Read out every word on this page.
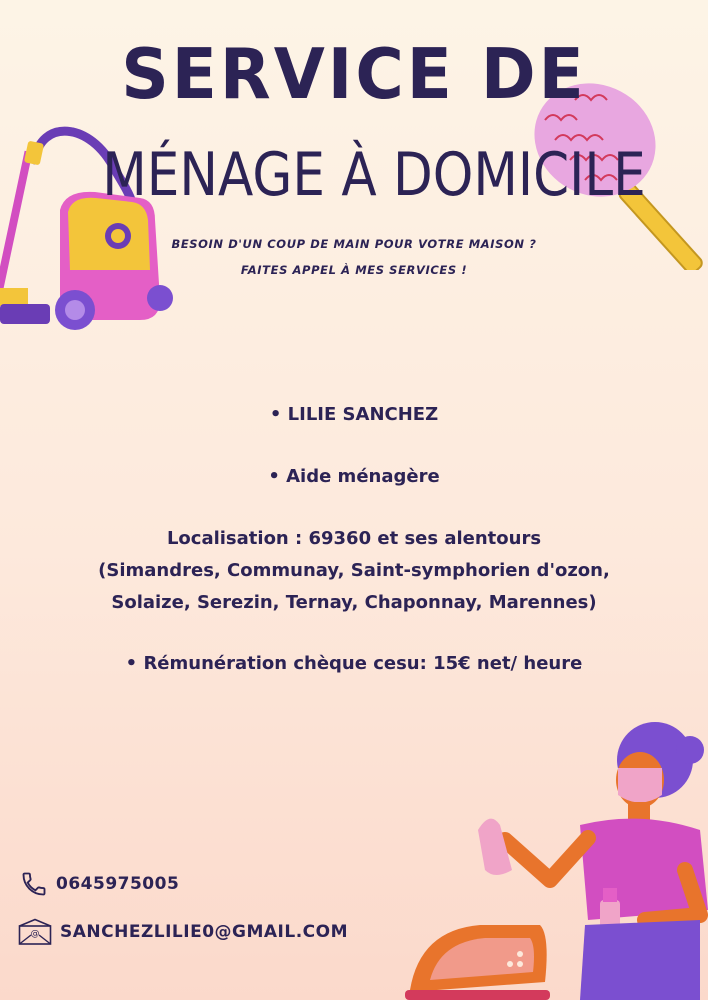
SERVICE DE
MÉNAGE À DOMICILE
BESOIN D'UN COUP DE MAIN POUR VOTRE MAISON ?
FAITES APPEL À MES SERVICES !
• LILIE SANCHEZ
• Aide ménagère
Localisation : 69360 et ses alentours
(Simandres, Communay, Saint-symphorien d'ozon,
Solaize, Serezin, Ternay, Chaponnay, Marennes)
• Rémunération chèque cesu: 15€ net/ heure
0645975005
@ SANCHEZLILIE0@GMAIL.COM
